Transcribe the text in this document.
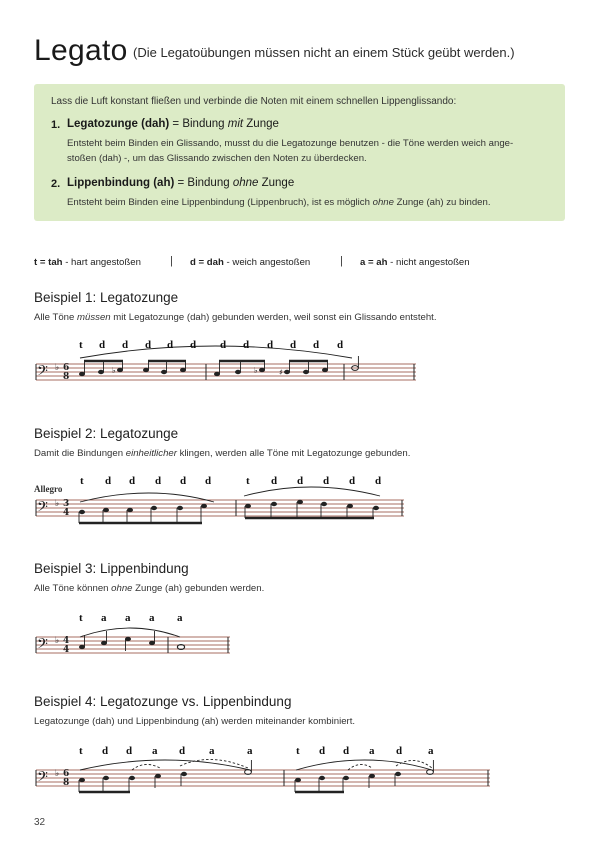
Legato (Die Legatoübungen müssen nicht an einem Stück geübt werden.)
Lass die Luft konstant fließen und verbinde die Noten mit einem schnellen Lippenglissando:
1. Legatozunge (dah) = Bindung mit Zunge
Entsteht beim Binden ein Glissando, musst du die Legatozunge benutzen - die Töne werden weich ange-
stoßen (dah) -, um das Glissando zwischen den Noten zu überdecken.
2. Lippenbindung (ah) = Bindung ohne Zunge
Entsteht beim Binden eine Lippenbindung (Lippenbruch), ist es möglich ohne Zunge (ah) zu binden.
t = tah - hart angestoßen	| d = dah - weich angestoßen	| a = ah - nicht angestoßen
Beispiel 1: Legatozunge
Alle Töne müssen mit Legatozunge (dah) gebunden werden, weil sonst ein Glissando entsteht.
𝄢 ♭ 6
8
♭	♭	♯
t d d d d d d d d d d d
Beispiel 2: Legatozunge
Damit die Bindungen einheitlicher klingen, werden alle Töne mit Legatozunge gebunden.
Allegro
𝄢 ♭ 3
4
t d d d d d	t d d d d d
Beispiel 3: Lippenbindung
Alle Töne können ohne Zunge (ah) gebunden werden.
𝄢 ♭ 4
4
t a a a a
Beispiel 4: Legatozunge vs. Lippenbindung
Legatozunge (dah) und Lippenbindung (ah) werden miteinander kombiniert.
𝄢 ♭ 6
8
t d d a d a	a	t d d a d a
32
